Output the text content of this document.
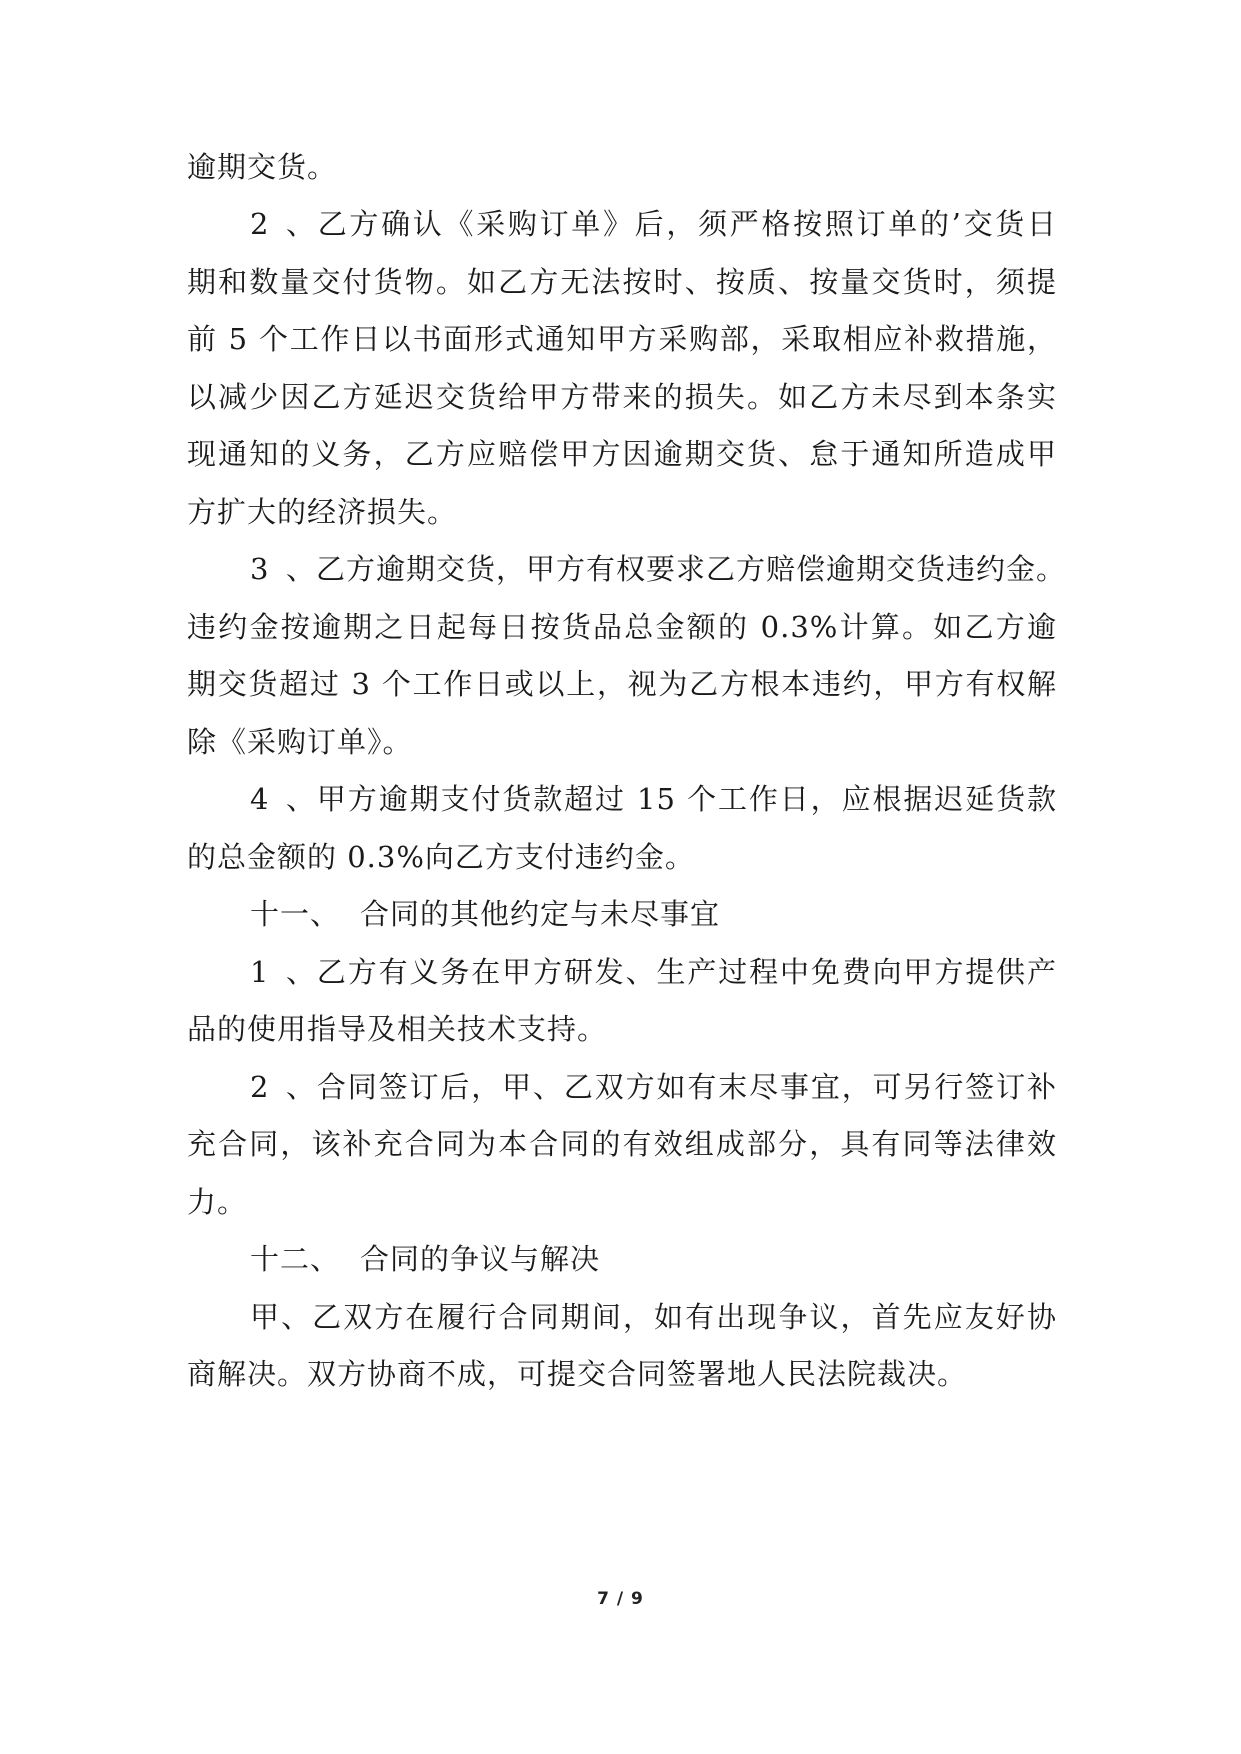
逾期交货。
2、乙方确认《采购订单》后，须严格按照订单的’交货日
期和数量交付货物。如乙方无法按时、按质、按量交货时，须提
前 5 个工作日以书面形式通知甲方采购部，采取相应补救措施，
以减少因乙方延迟交货给甲方带来的损失。如乙方未尽到本条实
现通知的义务，乙方应赔偿甲方因逾期交货、怠于通知所造成甲
方扩大的经济损失。
3、乙方逾期交货，甲方有权要求乙方赔偿逾期交货违约金。
违约金按逾期之日起每日按货品总金额的 0.3%计算。如乙方逾
期交货超过 3 个工作日或以上，视为乙方根本违约，甲方有权解
除《采购订单》。
4、甲方逾期支付货款超过 15 个工作日，应根据迟延货款
的总金额的 0.3%向乙方支付违约金。
十一、 合同的其他约定与未尽事宜
1、乙方有义务在甲方研发、生产过程中免费向甲方提供产
品的使用指导及相关技术支持。
2、合同签订后，甲、乙双方如有末尽事宜，可另行签订补
充合同，该补充合同为本合同的有效组成部分，具有同等法律效
力。
十二、 合同的争议与解决
甲、乙双方在履行合同期间，如有出现争议，首先应友好协
商解决。双方协商不成，可提交合同签署地人民法院裁决。
7 / 9
